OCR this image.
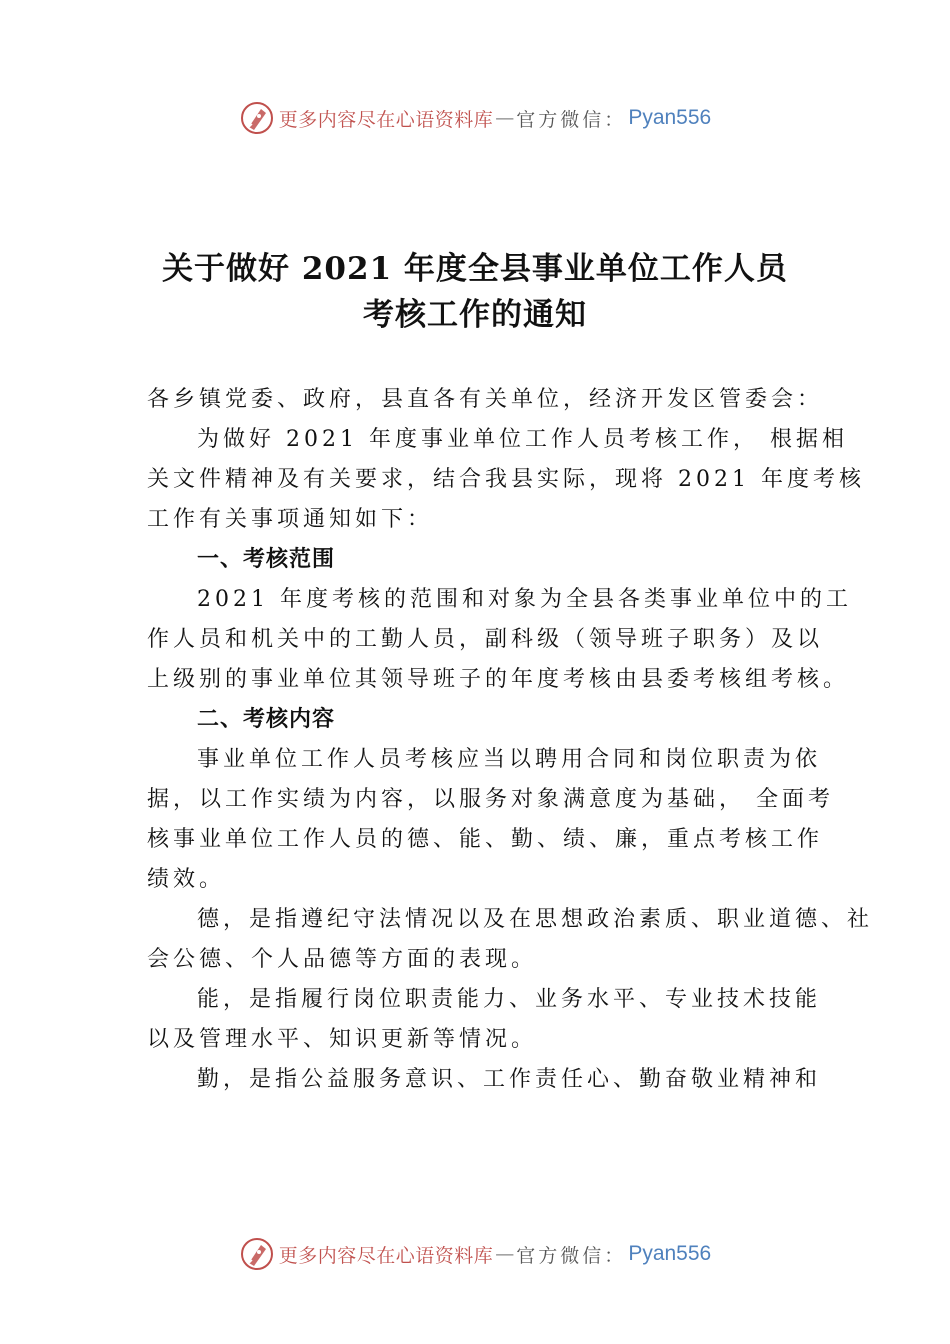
更多内容尽在心语资料库 — 官方微信： Pyan556
关于做好 2021 年度全县事业单位工作人员
考核工作的通知
各乡镇党委、政府，县直各有关单位，经济开发区管委会：
为做好 2021 年度事业单位工作人员考核工作， 根据相
关文件精神及有关要求，结合我县实际，现将 2021 年度考核
工作有关事项通知如下：
一、考核范围
2021 年度考核的范围和对象为全县各类事业单位中的工
作人员和机关中的工勤人员，副科级（领导班子职务）及以
上级别的事业单位其领导班子的年度考核由县委考核组考核。
二、考核内容
事业单位工作人员考核应当以聘用合同和岗位职责为依
据，以工作实绩为内容，以服务对象满意度为基础， 全面考
核事业单位工作人员的德、能、勤、绩、廉，重点考核工作
绩效。
德，是指遵纪守法情况以及在思想政治素质、职业道德、社
会公德、个人品德等方面的表现。
能，是指履行岗位职责能力、业务水平、专业技术技能
以及管理水平、知识更新等情况。
勤，是指公益服务意识、工作责任心、勤奋敬业精神和
更多内容尽在心语资料库 — 官方微信： Pyan556
